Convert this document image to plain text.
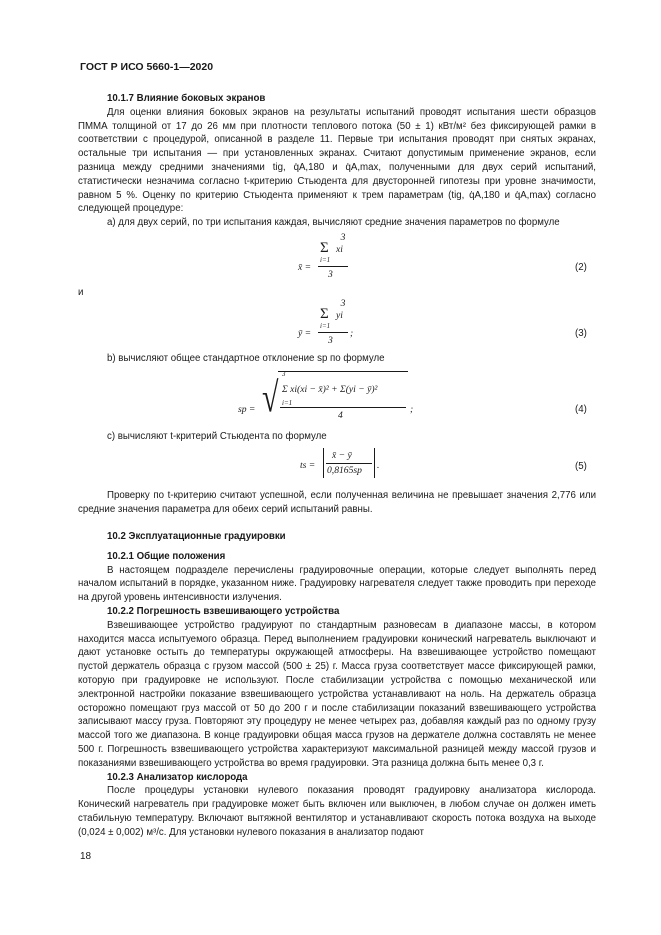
ГОСТ Р ИСО 5660-1—2020
10.1.7 Влияние боковых экранов

Для оценки влияния боковых экранов на результаты испытаний проводят испытания шести образцов ПММА толщиной от 17 до 26 мм при плотности теплового потока (50 ± 1) кВт/м² без фиксирующей рамки в соответствии с процедурой, описанной в разделе 11. Первые три испытания проводят при снятых экранах, остальные три испытания — при установленных экранах. Считают допустимым применение экранов, если разница между средними значениями tig, q̇A,180 и q̇A,max, полученными для двух серий испытаний, статистически незначима согласно t-критерию Стьюдента для двусторонней гипотезы при уровне значимости, равном 5 %. Оценку по критерию Стьюдента применяют к трем параметрам (tig, q̇A,180 и q̇A,max) согласно следующей процедуре:

а) для двух серий, по три испытания каждая, вычисляют средние значения параметров по формуле

x̄ =
3
Σ xi
i=1
3
(2)
и
ȳ =
3
Σ yi
i=1
3
;	(3)

b) вычисляют общее стандартное отклонение sp по формуле

sp = √
3
i=1
Σ xi(xi − x̄)² + Σ(yi − ȳ)²
4
;	(4)

c) вычисляют t-критерий Стьюдента по формуле

ts =
x̄ − ȳ
0,8165sp .	(5)

Проверку по t-критерию считают успешной, если полученная величина не превышает значения 2,776 или средние значения параметра для обеих серий испытаний равны.

10.2 Эксплуатационные градуировки
10.2.1 Общие положения

В настоящем подразделе перечислены градуировочные операции, которые следует выполнять перед началом испытаний в порядке, указанном ниже. Градуировку нагревателя следует также проводить при переходе на другой уровень интенсивности излучения.

10.2.2 Погрешность взвешивающего устройства

Взвешивающее устройство градуируют по стандартным разновесам в диапазоне массы, в котором находится масса испытуемого образца. Перед выполнением градуировки конический нагреватель выключают и дают установке остыть до температуры окружающей атмосферы. На взвешивающее устройство помещают пустой держатель образца с грузом массой (500 ± 25) г. Масса груза соответствует массе фиксирующей рамки, которую при градуировке не используют. После стабилизации устройства с помощью механической или электронной настройки показание взвешивающего устройства устанавливают на ноль. На держатель образца осторожно помещают груз массой от 50 до 200 г и после стабилизации показаний взвешивающего устройства записывают массу груза. Повторяют эту процедуру не менее четырех раз, добавляя каждый раз по одному грузу массой того же диапазона. В конце градуировки общая масса грузов на держателе должна составлять не менее 500 г. Погрешность взвешивающего устройства характеризуют максимальной разницей между массой грузов и показаниями взвешивающего устройства во время градуировки. Эта разница должна быть менее 0,3 г.

10.2.3 Анализатор кислорода

После процедуры установки нулевого показания проводят градуировку анализатора кислорода. Конический нагреватель при градуировке может быть включен или выключен, в любом случае он должен иметь стабильную температуру. Включают вытяжной вентилятор и устанавливают скорость потока воздуха на выходе (0,024 ± 0,002) м³/с. Для установки нулевого показания в анализатор подают

18
